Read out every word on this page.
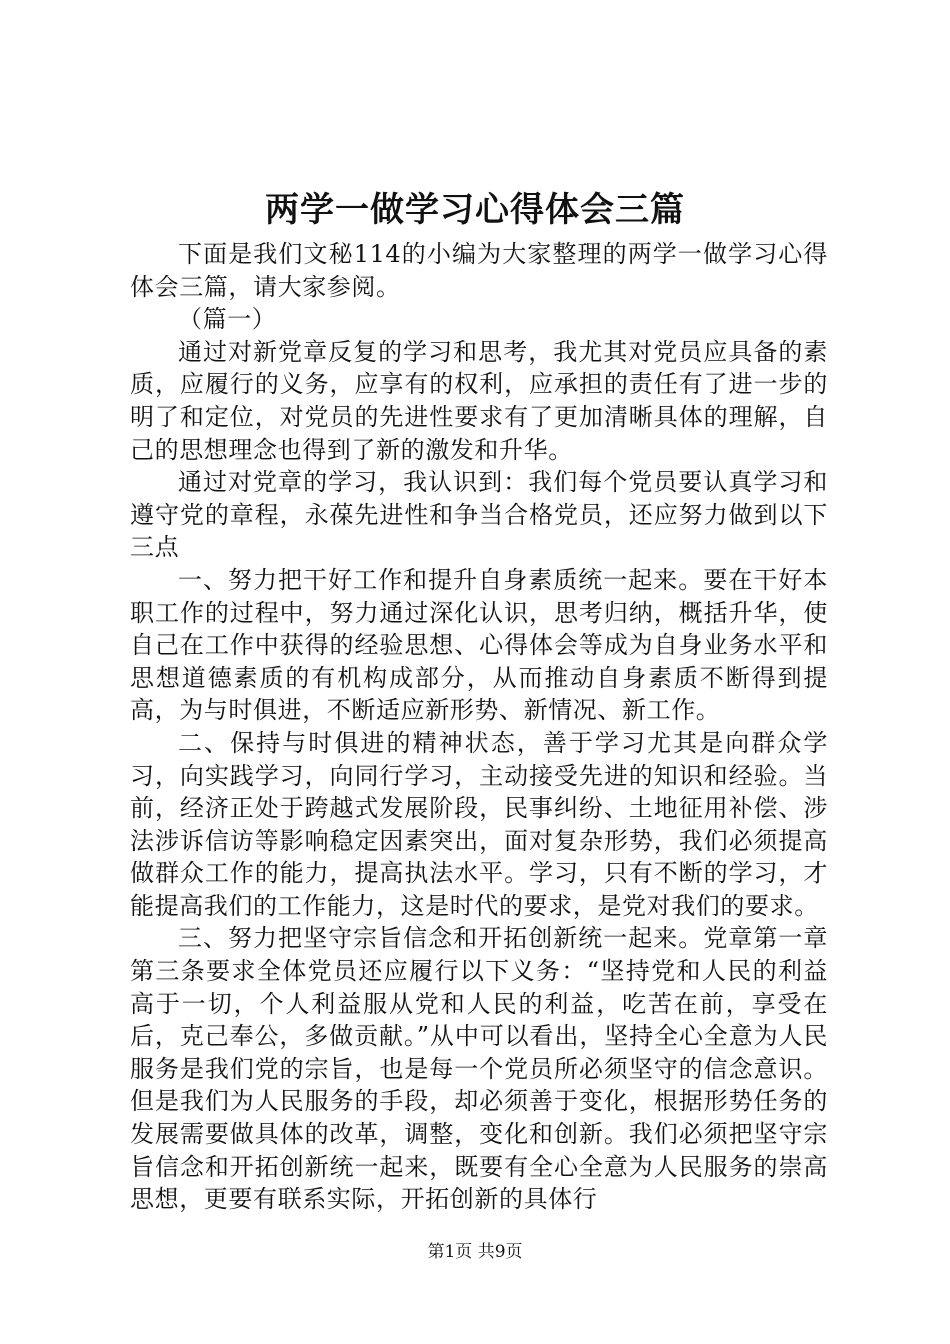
两学一做学习心得体会三篇

下面是我们文秘114的小编为大家整理的两学一做学习心得体会三篇，请大家参阅。

（篇一）

通过对新党章反复的学习和思考，我尤其对党员应具备的素质，应履行的义务，应享有的权利，应承担的责任有了进一步的明了和定位，对党员的先进性要求有了更加清晰具体的理解，自己的思想理念也得到了新的激发和升华。

通过对党章的学习，我认识到：我们每个党员要认真学习和遵守党的章程，永葆先进性和争当合格党员，还应努力做到以下三点

一、努力把干好工作和提升自身素质统一起来。要在干好本职工作的过程中，努力通过深化认识，思考归纳，概括升华，使自己在工作中获得的经验思想、心得体会等成为自身业务水平和思想道德素质的有机构成部分，从而推动自身素质不断得到提高，为与时俱进，不断适应新形势、新情况、新工作。

二、保持与时俱进的精神状态，善于学习尤其是向群众学习，向实践学习，向同行学习，主动接受先进的知识和经验。当前，经济正处于跨越式发展阶段，民事纠纷、土地征用补偿、涉法涉诉信访等影响稳定因素突出，面对复杂形势，我们必须提高做群众工作的能力，提高执法水平。学习，只有不断的学习，才能提高我们的工作能力，这是时代的要求，是党对我们的要求。

三、努力把坚守宗旨信念和开拓创新统一起来。党章第一章第三条要求全体党员还应履行以下义务：“坚持党和人民的利益高于一切，个人利益服从党和人民的利益，吃苦在前，享受在后，克己奉公，多做贡献。”从中可以看出，坚持全心全意为人民服务是我们党的宗旨，也是每一个党员所必须坚守的信念意识。但是我们为人民服务的手段，却必须善于变化，根据形势任务的发展需要做具体的改革，调整，变化和创新。我们必须把坚守宗旨信念和开拓创新统一起来，既要有全心全意为人民服务的崇高思想，更要有联系实际，开拓创新的具体行

第1页 共9页
